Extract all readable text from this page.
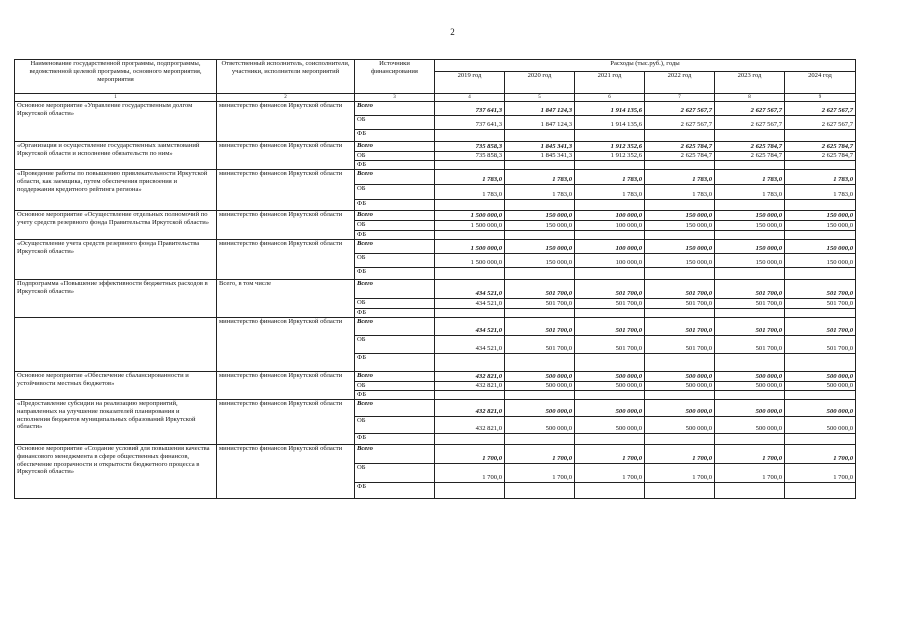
2
Наименование государственной программы, подпрограммы, ведомственной целевой программы, основного мероприятия, мероприятия	Ответственный исполнитель, соисполнители, участники, исполнители мероприятий	Источники финансирования	Расходы (тыс.руб.), годы					
			2019 год	2020 год	2021 год	2022 год	2023 год	2024 год
1	2	3	4	5	6	7	8	9
Основное мероприятие «Управление государственным долгом Иркутской области»	министерство финансов Иркутской области	Всего	737 641,3	1 847 124,3	1 914 135,6	2 627 567,7	2 627 567,7	2 627 567,7
		ОБ	737 641,3	1 847 124,3	1 914 135,6	2 627 567,7	2 627 567,7	2 627 567,7
		ФБ						
«Организация и осуществление государственных заимствований Иркутской области и исполнение обязательств по ним»	министерство финансов Иркутской области	Всего	735 858,3	1 845 341,3	1 912 352,6	2 625 784,7	2 625 784,7	2 625 784,7
		ОБ	735 858,3	1 845 341,3	1 912 352,6	2 625 784,7	2 625 784,7	2 625 784,7
		ФБ						
«Проведение работы по повышению привлекательности Иркутской области, как заемщика, путем обеспечения присвоения и поддержания кредитного рейтинга региона»	министерство финансов Иркутской области	Всего	1 783,0	1 783,0	1 783,0	1 783,0	1 783,0	1 783,0
		ОБ	1 783,0	1 783,0	1 783,0	1 783,0	1 783,0	1 783,0
		ФБ						
Основное мероприятие «Осуществление отдельных полномочий по учету средств резервного фонда Правительства Иркутской области»	министерство финансов Иркутской области	Всего	1 500 000,0	150 000,0	100 000,0	150 000,0	150 000,0	150 000,0
		ОБ	1 500 000,0	150 000,0	100 000,0	150 000,0	150 000,0	150 000,0
		ФБ						
«Осуществление учета средств резервного фонда Правительства Иркутской области»	министерство финансов Иркутской области	Всего	1 500 000,0	150 000,0	100 000,0	150 000,0	150 000,0	150 000,0
		ОБ	1 500 000,0	150 000,0	100 000,0	150 000,0	150 000,0	150 000,0
		ФБ						
Подпрограмма «Повышение эффективности бюджетных расходов в Иркутской области»	Всего, в том числе	Всего	434 521,0	501 700,0	501 700,0	501 700,0	501 700,0	501 700,0
		ОБ	434 521,0	501 700,0	501 700,0	501 700,0	501 700,0	501 700,0
		ФБ						
	министерство финансов Иркутской области	Всего	434 521,0	501 700,0	501 700,0	501 700,0	501 700,0	501 700,0
		ОБ	434 521,0	501 700,0	501 700,0	501 700,0	501 700,0	501 700,0
		ФБ						
Основное мероприятие «Обеспечение сбалансированности и устойчивости местных бюджетов»	министерство финансов Иркутской области	Всего	432 821,0	500 000,0	500 000,0	500 000,0	500 000,0	500 000,0
		ОБ	432 821,0	500 000,0	500 000,0	500 000,0	500 000,0	500 000,0
		ФБ						
«Предоставление субсидии на реализацию мероприятий, направленных на улучшение показателей планирования и исполнения бюджетов муниципальных образований Иркутской области»	министерство финансов Иркутской области	Всего	432 821,0	500 000,0	500 000,0	500 000,0	500 000,0	500 000,0
		ОБ	432 821,0	500 000,0	500 000,0	500 000,0	500 000,0	500 000,0
		ФБ						
Основное мероприятие «Создание условий для повышения качества финансового менеджмента в сфере общественных финансов, обеспечение прозрачности и открытости бюджетного процесса в Иркутской области»	министерство финансов Иркутской области	Всего	1 700,0	1 700,0	1 700,0	1 700,0	1 700,0	1 700,0
		ОБ	1 700,0	1 700,0	1 700,0	1 700,0	1 700,0	1 700,0
		ФБ						
